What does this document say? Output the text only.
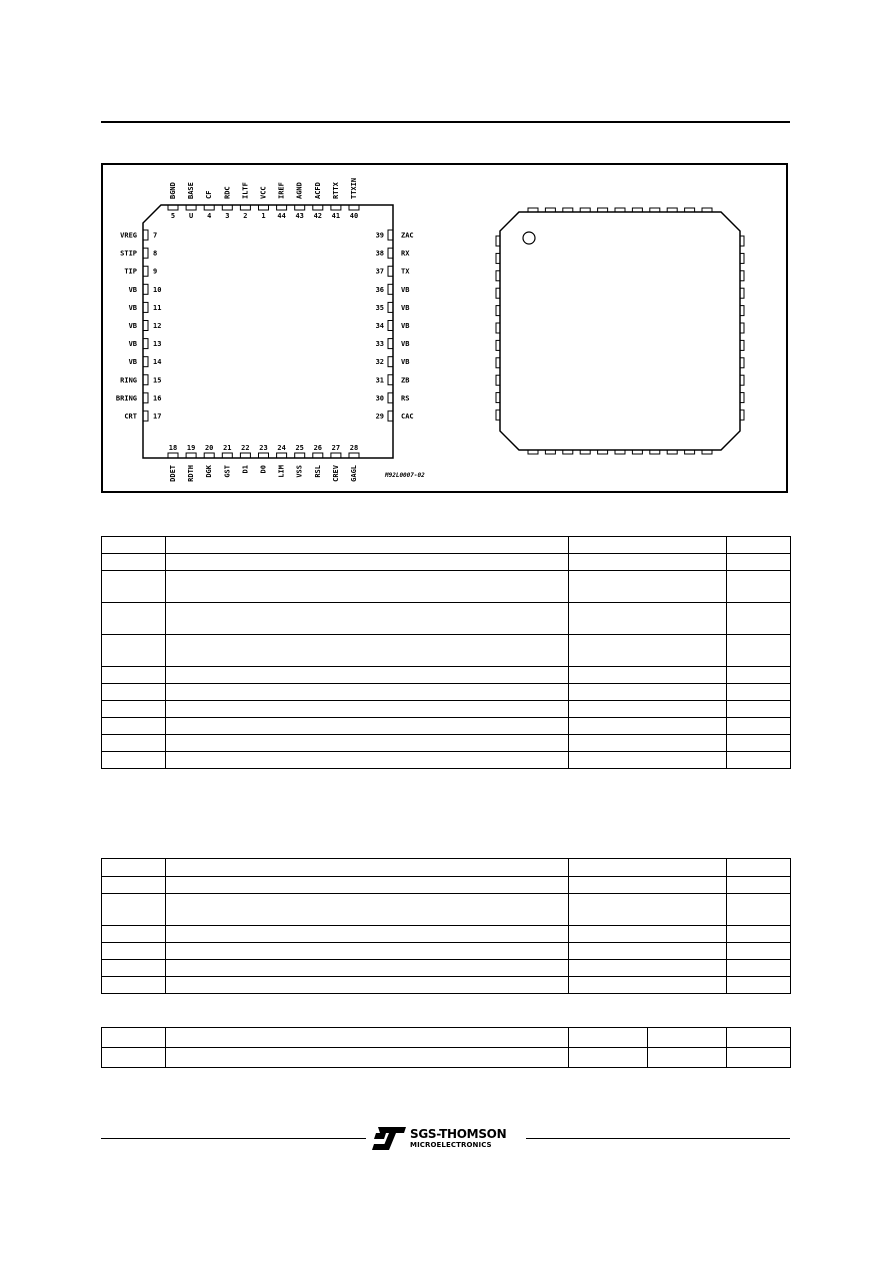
5
BGND
U
BASE
4
CF
3
RDC
2
ILTF
1
VCC
44
IREF
43
AGND
42
ACFD
41
RTTX
40
TTXIN
18
DDET
19
RDTH
20
DGK
21
GST
22
D1
23
D0
24
LIM
25
VSS
26
RSL
27
CREV
28
GAGL
VREG 7
STIP 8
TIP 9
VB 10
VB 11
VB 12
VB 13
VB 14
RING 15
BRING 16
CRT 17
39 ZAC
38 RX
37 TX
36 VB
35 VB
34 VB
33 VB
32 VB
31 ZB
30 RS
29 CAC
M92L0007-02

SGS-THOMSON
MICROELECTRONICS
